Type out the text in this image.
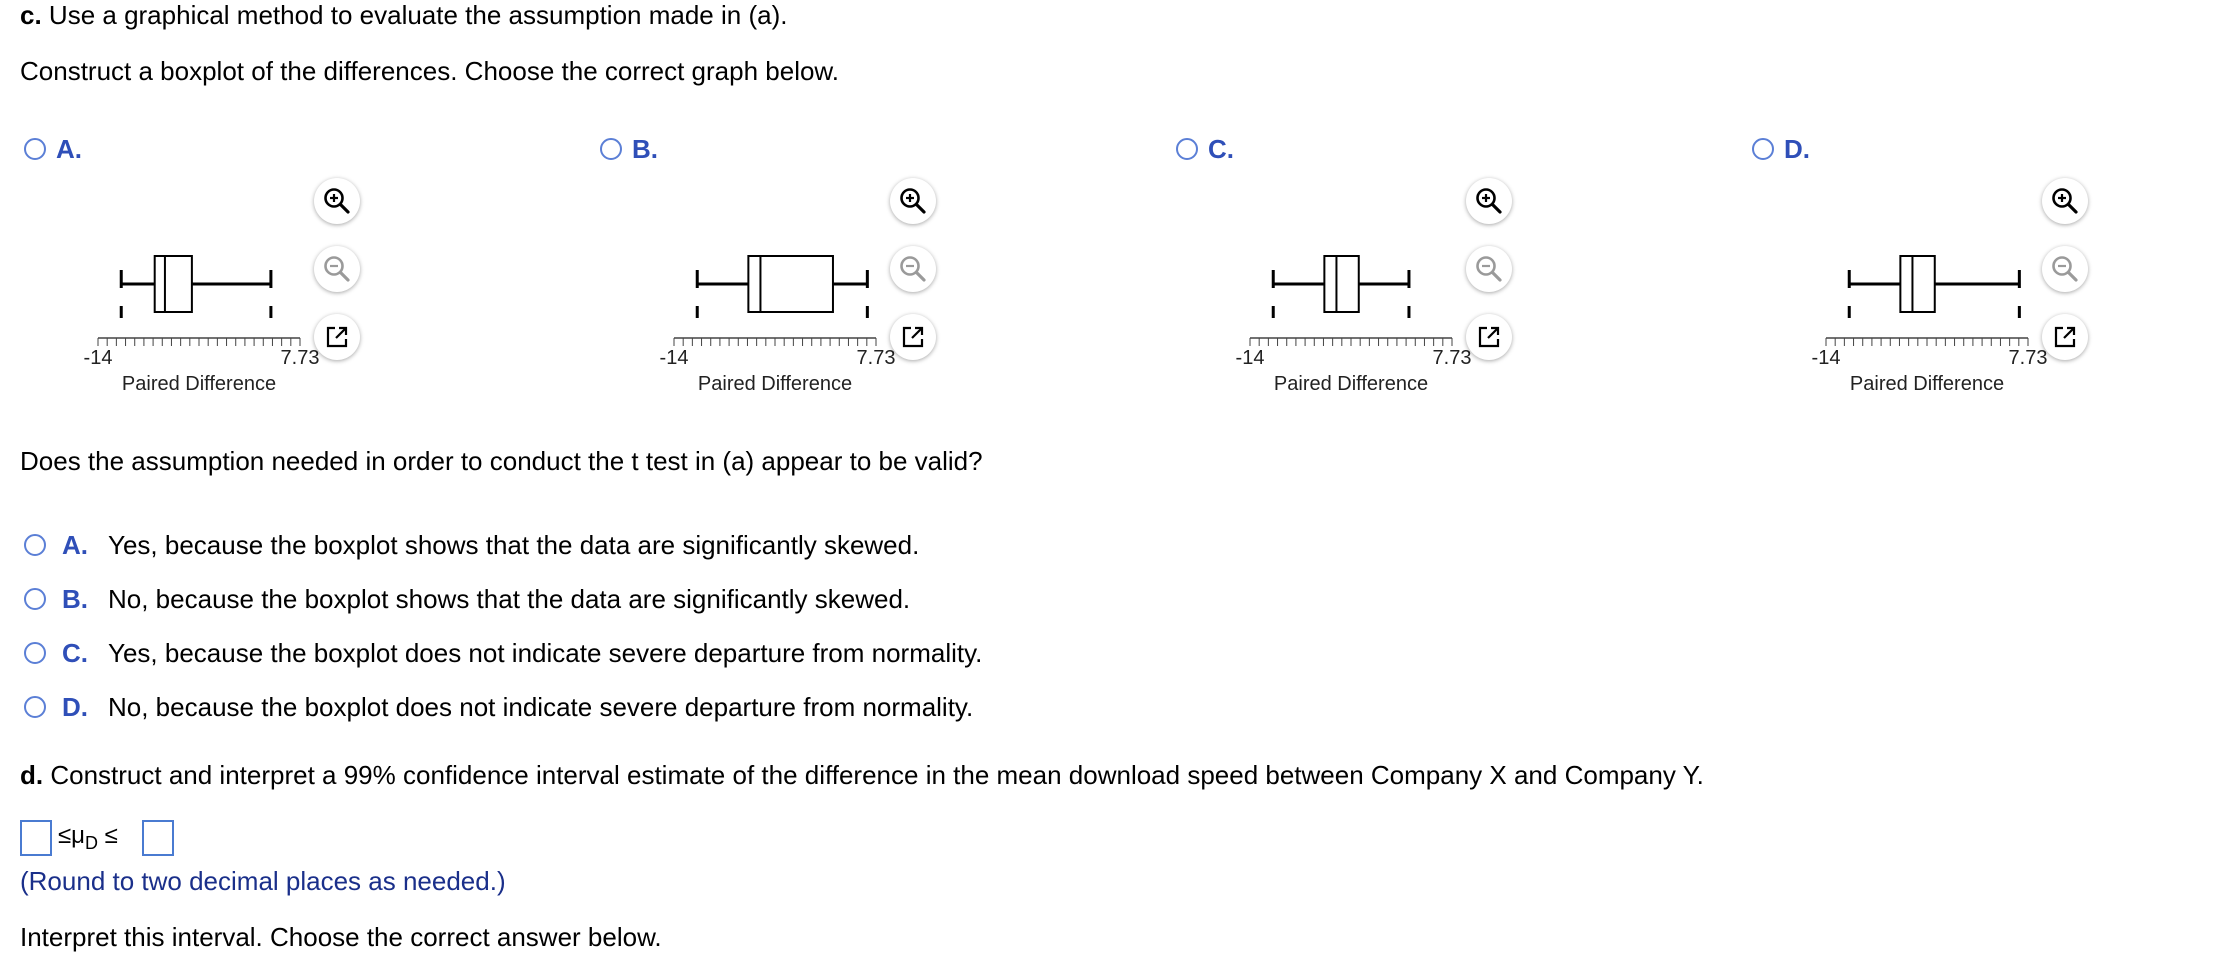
c. Use a graphical method to evaluate the assumption made in (a).
Construct a boxplot of the differences. Choose the correct graph below.
A.
-14	7.73
Paired Difference
B.
-14	7.73
Paired Difference
C.
-14	7.73
Paired Difference
D.
-14	7.73
Paired Difference
Does the assumption needed in order to conduct the t test in (a) appear to be valid?
A. Yes, because the boxplot shows that the data are significantly skewed.
B. No, because the boxplot shows that the data are significantly skewed.
C. Yes, because the boxplot does not indicate severe departure from normality.
D. No, because the boxplot does not indicate severe departure from normality.
d. Construct and interpret a 99% confidence interval estimate of the difference in the mean download speed between Company X and Company Y.
$\le\mu_D$ ≤
(Round to two decimal places as needed.)
Interpret this interval. Choose the correct answer below.
